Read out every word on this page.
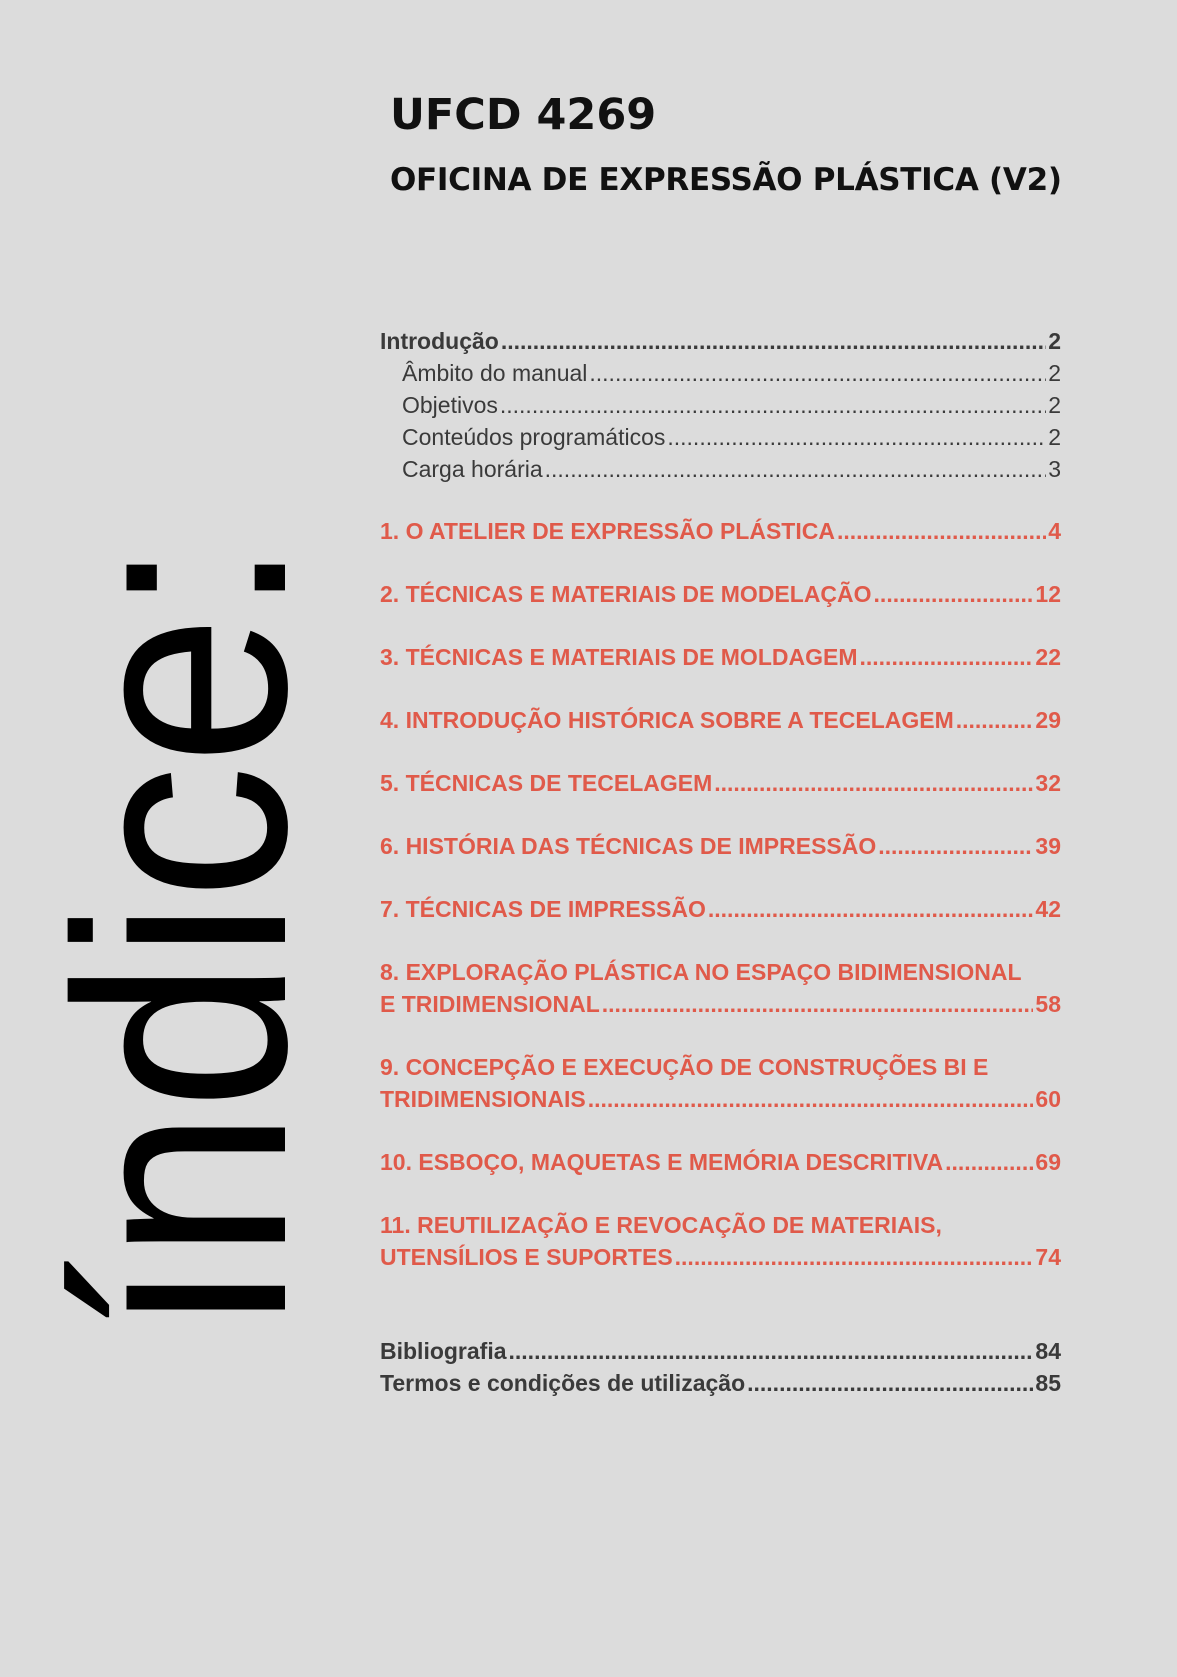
índice:
UFCD 4269
OFICINA DE EXPRESSÃO PLÁSTICA (V2)
Introdução .....	2
Âmbito do manual .....	2
Objetivos .....	2
Conteúdos programáticos .....	2
Carga horária .....	3
1. O ATELIER DE EXPRESSÃO PLÁSTICA .....	4
2. TÉCNICAS E MATERIAIS DE MODELAÇÃO .....	12
3. TÉCNICAS E MATERIAIS DE MOLDAGEM .....	22
4. INTRODUÇÃO HISTÓRICA SOBRE A TECELAGEM .....	29
5. TÉCNICAS DE TECELAGEM .....	32
6. HISTÓRIA DAS TÉCNICAS DE IMPRESSÃO .....	39
7. TÉCNICAS DE IMPRESSÃO .....	42
8. EXPLORAÇÃO PLÁSTICA NO ESPAÇO BIDIMENSIONAL
E TRIDIMENSIONAL .....	58
9. CONCEPÇÃO E EXECUÇÃO DE CONSTRUÇÕES BI E
TRIDIMENSIONAIS .....	60
10. ESBOÇO, MAQUETAS E MEMÓRIA DESCRITIVA .....	69
11. REUTILIZAÇÃO E REVOCAÇÃO DE MATERIAIS,
UTENSÍLIOS E SUPORTES .....	74
Bibliografia .....	84
Termos e condições de utilização .....	85
